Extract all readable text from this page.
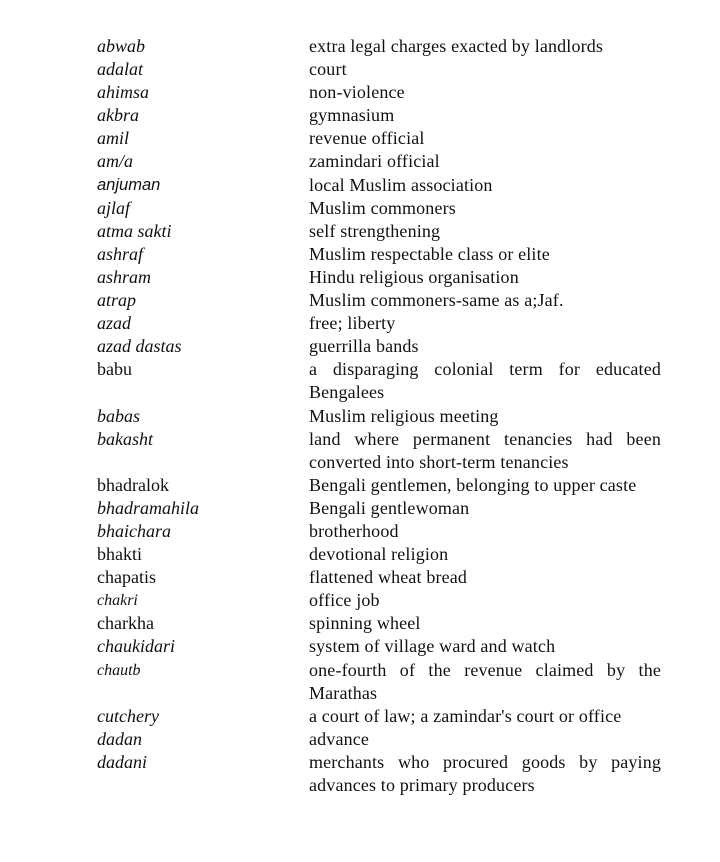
abwab	extra legal charges exacted by landlords
adalat	court
ahimsa	non-violence
akbra	gymnasium
amil	revenue official
am/a	zamindari official
anjuman	local Muslim association
ajlaf	Muslim commoners
atma sakti	self strengthening
ashraf	Muslim respectable class or elite
ashram	Hindu religious organisation
atrap	Muslim commoners-same as a;Jaf.
azad	free; liberty
azad dastas	guerrilla bands
babu	a disparaging colonial term for educated Bengalees
babas	Muslim religious meeting
bakasht	land where permanent tenancies had been converted into short-term tenancies
bhadralok	Bengali gentlemen, belonging to upper caste
bhadramahila	Bengali gentlewoman
bhaichara	brotherhood
bhakti	devotional religion
chapatis	flattened wheat bread
chakri	office job
charkha	spinning wheel
chaukidari	system of village ward and watch
chautb	one-fourth of the revenue claimed by the Marathas
cutchery	a court of law; a zamindar's court or office
dadan	advance
dadani	merchants who procured goods by paying advances to primary producers
